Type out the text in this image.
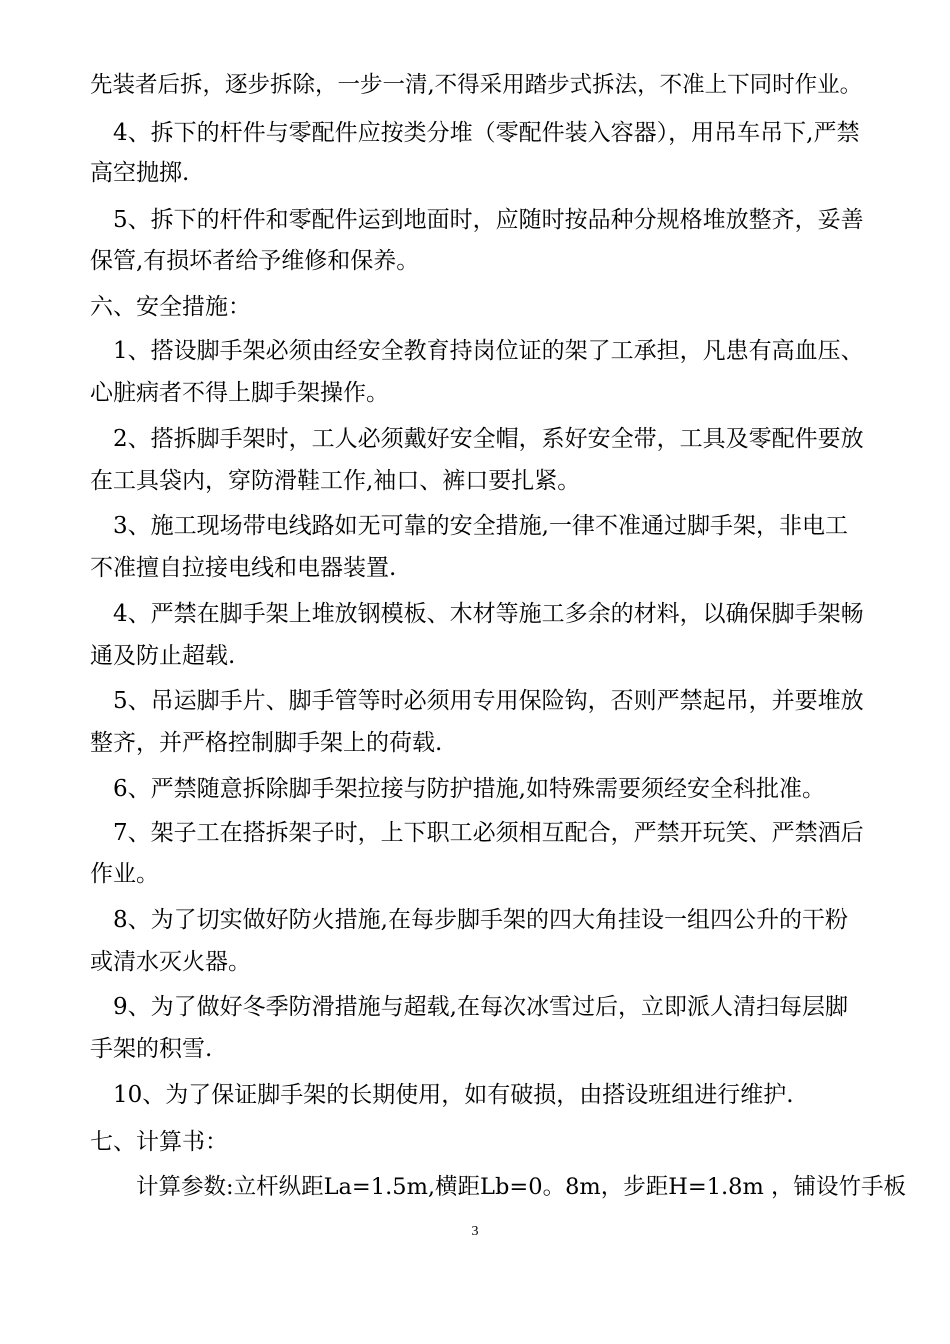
先装者后拆，逐步拆除，一步一清,不得采用踏步式拆法，不准上下同时作业。
4、拆下的杆件与零配件应按类分堆（零配件装入容器），用吊车吊下,严禁
高空抛掷.
5、拆下的杆件和零配件运到地面时，应随时按品种分规格堆放整齐，妥善
保管,有损坏者给予维修和保养。
六、安全措施：
1、搭设脚手架必须由经安全教育持岗位证的架了工承担，凡患有高血压、
心脏病者不得上脚手架操作。
2、搭拆脚手架时，工人必须戴好安全帽，系好安全带，工具及零配件要放
在工具袋内，穿防滑鞋工作,袖口、裤口要扎紧。
3、施工现场带电线路如无可靠的安全措施,一律不准通过脚手架，非电工
不准擅自拉接电线和电器装置.
4、严禁在脚手架上堆放钢模板、木材等施工多余的材料，以确保脚手架畅
通及防止超载.
5、吊运脚手片、脚手管等时必须用专用保险钩，否则严禁起吊，并要堆放
整齐，并严格控制脚手架上的荷载.
6、严禁随意拆除脚手架拉接与防护措施,如特殊需要须经安全科批准。
7、架子工在搭拆架子时，上下职工必须相互配合，严禁开玩笑、严禁酒后
作业。
8、为了切实做好防火措施,在每步脚手架的四大角挂设一组四公升的干粉
或清水灭火器。
9、为了做好冬季防滑措施与超载,在每次冰雪过后，立即派人清扫每层脚
手架的积雪.
10、为了保证脚手架的长期使用，如有破损，由搭设班组进行维护.
七、计算书：
计算参数:立杆纵距La=1.5m,横距Lb=0。8m，步距H=1.8m ，铺设竹手板
3
